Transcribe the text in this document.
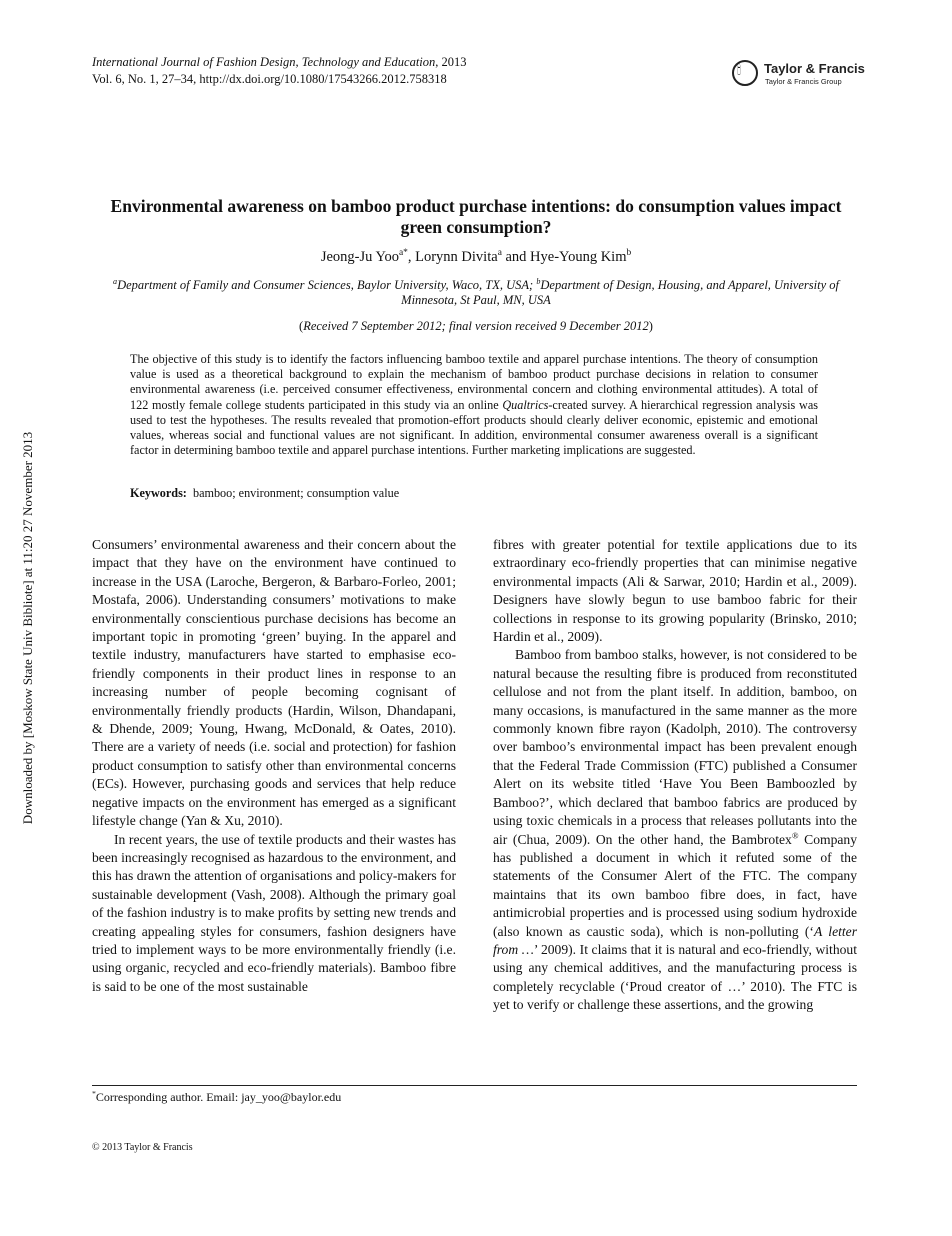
International Journal of Fashion Design, Technology and Education, 2013
Vol. 6, No. 1, 27–34, http://dx.doi.org/10.1080/17543266.2012.758318
🕯 Taylor & Francis
Taylor & Francis Group
Environmental awareness on bamboo product purchase intentions: do consumption values impact green consumption?
Jeong-Ju Yoo$^{a*}$, Lorynn Divita$^a$ and Hye-Young Kim$^b$
$^a$Department of Family and Consumer Sciences, Baylor University, Waco, TX, USA; $^b$Department of Design, Housing, and Apparel, University of Minnesota, St Paul, MN, USA
(Received 7 September 2012; final version received 9 December 2012)
The objective of this study is to identify the factors influencing bamboo textile and apparel purchase intentions. The theory of consumption value is used as a theoretical background to explain the mechanism of bamboo product purchase decisions in relation to consumer environmental awareness (i.e. perceived consumer effectiveness, environmental concern and clothing environmental attitudes). A total of 122 mostly female college students participated in this study via an online Qualtrics-created survey. A hierarchical regression analysis was used to test the hypotheses. The results revealed that promotion-effort products should clearly deliver economic, epistemic and emotional values, whereas social and functional values are not significant. In addition, environmental consumer awareness overall is a significant factor in determining bamboo textile and apparel purchase intentions. Further marketing implications are suggested.
Keywords: bamboo; environment; consumption value

Consumers’ environmental awareness and their concern about the impact that they have on the environment have continued to increase in the USA (Laroche, Bergeron, & Barbaro-Forleo, 2001; Mostafa, 2006). Understanding consumers’ motivations to make environmentally conscientious purchase decisions has become an important topic in promoting ‘green’ buying. In the apparel and textile industry, manufacturers have started to emphasise eco-friendly components in their product lines in response to an increasing number of people becoming cognisant of environmentally friendly products (Hardin, Wilson, Dhandapani, & Dhende, 2009; Young, Hwang, McDonald, & Oates, 2010). There are a variety of needs (i.e. social and protection) for fashion product consumption to satisfy other than environmental concerns (ECs). However, purchasing goods and services that help reduce negative impacts on the environment has emerged as a significant lifestyle change (Yan & Xu, 2010).

In recent years, the use of textile products and their wastes has been increasingly recognised as hazardous to the environment, and this has drawn the attention of organisations and policy-makers for sustainable development (Vash, 2008). Although the primary goal of the fashion industry is to make profits by setting new trends and creating appealing styles for consumers, fashion designers have tried to implement ways to be more environmentally friendly (i.e. using organic, recycled and eco-friendly materials). Bamboo fibre is said to be one of the most sustainable

fibres with greater potential for textile applications due to its extraordinary eco-friendly properties that can minimise negative environmental impacts (Ali & Sarwar, 2010; Hardin et al., 2009). Designers have slowly begun to use bamboo fabric for their collections in response to its growing popularity (Brinsko, 2010; Hardin et al., 2009).

Bamboo from bamboo stalks, however, is not considered to be natural because the resulting fibre is produced from reconstituted cellulose and not from the plant itself. In addition, bamboo, on many occasions, is manufactured in the same manner as the more commonly known fibre rayon (Kadolph, 2010). The controversy over bamboo’s environmental impact has been prevalent enough that the Federal Trade Commission (FTC) published a Consumer Alert on its website titled ‘Have You Been Bamboozled by Bamboo?’, which declared that bamboo fabrics are produced by using toxic chemicals in a process that releases pollutants into the air (Chua, 2009). On the other hand, the Bambrotex® Company has published a document in which it refuted some of the statements of the Consumer Alert of the FTC. The company maintains that its own bamboo fibre does, in fact, have antimicrobial properties and is processed using sodium hydroxide (also known as caustic soda), which is non-polluting (‘A letter from …’ 2009). It claims that it is natural and eco-friendly, without using any chemical additives, and the manufacturing process is completely recyclable (‘Proud creator of …’ 2010). The FTC is yet to verify or challenge these assertions, and the growing

*Corresponding author. Email: jay_yoo@baylor.edu
© 2013 Taylor & Francis
Downloaded by [Moskow State Univ Bibliote] at 11:20 27 November 2013
